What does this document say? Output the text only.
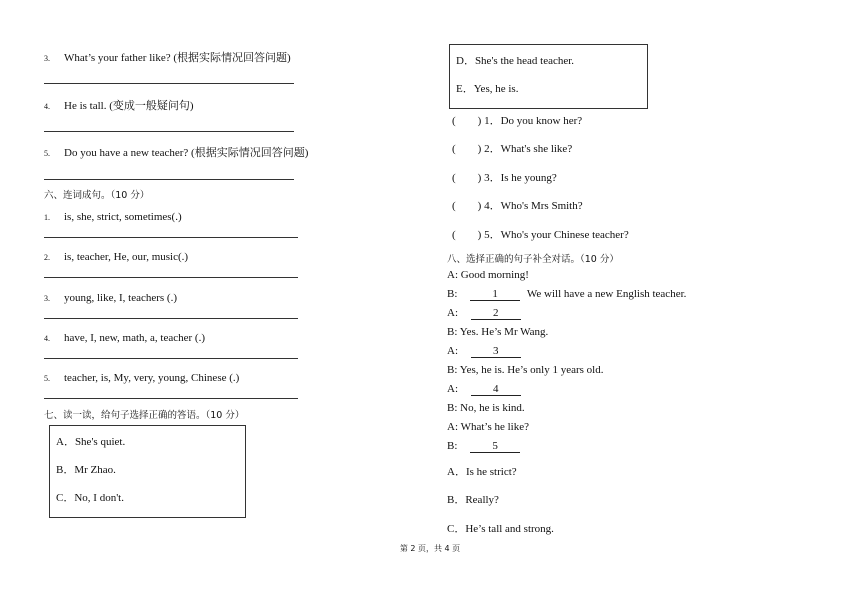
3. What’s your father like? (根据实际情况回答问题)
4. He is tall. (变成一般疑问句)
5. Do you have a new teacher? (根据实际情况回答问题)
六、连词成句。（10 分）
1. is, she, strict, sometimes(.)
2. is, teacher, He, our, music(.)
3. young, like, I, teachers (.)
4. have, I, new, math, a, teacher (.)
5. teacher, is, My, very, young, Chinese (.)
七、读一读，给句子选择正确的答语。（10 分）
A．She's quiet.
B．Mr Zhao.
C．No, I don't.
D．She's the head teacher.
E．Yes, he is.
(　　) 1．Do you know her?
(　　) 2．What's she like?
(　　) 3．Is he young?
(　　) 4．Who's Mrs Smith?
(　　) 5．Who's your Chinese teacher?
八、选择正确的句子补全对话。（10 分）
A: Good morning!
B:	1	We will have a new English teacher.
A:	2
B: Yes. He’s Mr Wang.
A:	3
B: Yes, he is. He’s only 1 years old.
A:	4
B: No, he is kind.
A: What’s he like?
B:	5
A．Is he strict?
B．Really?
C．He’s tall and strong.
第 2 页，共 4 页
